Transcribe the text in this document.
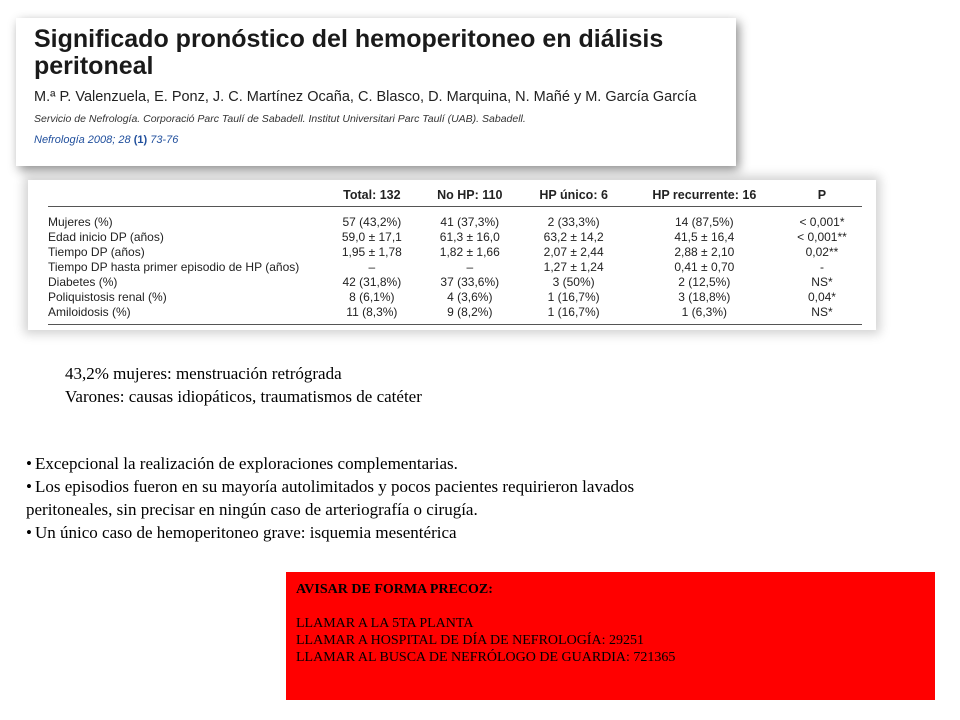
Significado pronóstico del hemoperitoneo en diálisis peritoneal
M.ª P. Valenzuela, E. Ponz, J. C. Martínez Ocaña, C. Blasco, D. Marquina, N. Mañé y M. García García
Servicio de Nefrología. Corporació Parc Taulí de Sabadell. Institut Universitari Parc Taulí (UAB). Sabadell.
Nefrología 2008; 28 (1) 73-76
	Total: 132	No HP: 110	HP único: 6	HP recurrente: 16	P
Mujeres (%)	57 (43,2%)	41 (37,3%)	2 (33,3%)	14 (87,5%)	< 0,001*
Edad inicio DP (años)	59,0 ± 17,1	61,3 ± 16,0	63,2 ± 14,2	41,5 ± 16,4	< 0,001**
Tiempo DP (años)	1,95 ± 1,78	1,82 ± 1,66	2,07 ± 2,44	2,88 ± 2,10	0,02**
Tiempo DP hasta primer episodio de HP (años)	–	–	1,27 ± 1,24	0,41 ± 0,70	-
Diabetes (%)	42 (31,8%)	37 (33,6%)	3 (50%)	2 (12,5%)	NS*
Poliquistosis renal (%)	8 (6,1%)	4 (3,6%)	1 (16,7%)	3 (18,8%)	0,04*
Amiloidosis (%)	11 (8,3%)	9 (8,2%)	1 (16,7%)	1 (6,3%)	NS*
43,2% mujeres: menstruación retrógrada
Varones: causas idiopáticos, traumatismos de catéter

• Excepcional la realización de exploraciones complementarias.

• Los episodios fueron en su mayoría autolimitados y pocos pacientes requirieron lavados

peritoneales, sin precisar en ningún caso de arteriografía o cirugía.

• Un único caso de hemoperitoneo grave: isquemia mesentérica

AVISAR DE FORMA PRECOZ:
LLAMAR A LA 5TA PLANTA
LLAMAR A HOSPITAL DE DÍA DE NEFROLOGÍA: 29251
LLAMAR AL BUSCA DE NEFRÓLOGO DE GUARDIA: 721365
